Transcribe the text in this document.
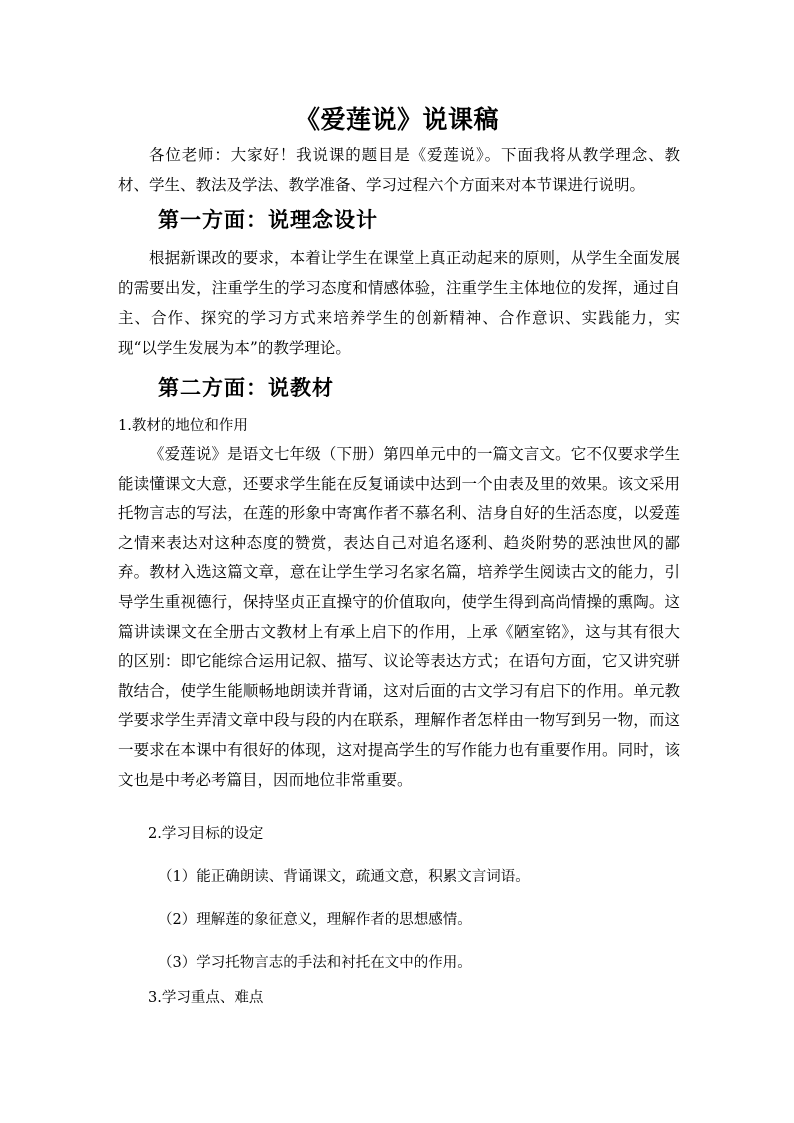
《爱莲说》说课稿

各位老师：大家好！我说课的题目是《爱莲说》。下面我将从教学理念、教材、学生、教法及学法、教学准备、学习过程六个方面来对本节课进行说明。

第一方面：说理念设计

根据新课改的要求，本着让学生在课堂上真正动起来的原则，从学生全面发展的需要出发，注重学生的学习态度和情感体验，注重学生主体地位的发挥，通过自主、合作、探究的学习方式来培养学生的创新精神、合作意识、实践能力，实现“以学生发展为本”的教学理论。

第二方面：说教材

1.教材的地位和作用

《爱莲说》是语文七年级（下册）第四单元中的一篇文言文。它不仅要求学生能读懂课文大意，还要求学生能在反复诵读中达到一个由表及里的效果。该文采用托物言志的写法，在莲的形象中寄寓作者不慕名利、洁身自好的生活态度，以爱莲之情来表达对这种态度的赞赏，表达自己对追名逐利、趋炎附势的恶浊世风的鄙弃。教材入选这篇文章，意在让学生学习名家名篇，培养学生阅读古文的能力，引导学生重视德行，保持坚贞正直操守的价值取向，使学生得到高尚情操的熏陶。这篇讲读课文在全册古文教材上有承上启下的作用，上承《陋室铭》，这与其有很大的区别：即它能综合运用记叙、描写、议论等表达方式；在语句方面，它又讲究骈散结合，使学生能顺畅地朗读并背诵，这对后面的古文学习有启下的作用。单元教学要求学生弄清文章中段与段的内在联系，理解作者怎样由一物写到另一物，而这一要求在本课中有很好的体现，这对提高学生的写作能力也有重要作用。同时，该文也是中考必考篇目，因而地位非常重要。

2.学习目标的设定

（1）能正确朗读、背诵课文，疏通文意，积累文言词语。

（2）理解莲的象征意义，理解作者的思想感情。

（3）学习托物言志的手法和衬托在文中的作用。

3.学习重点、难点
